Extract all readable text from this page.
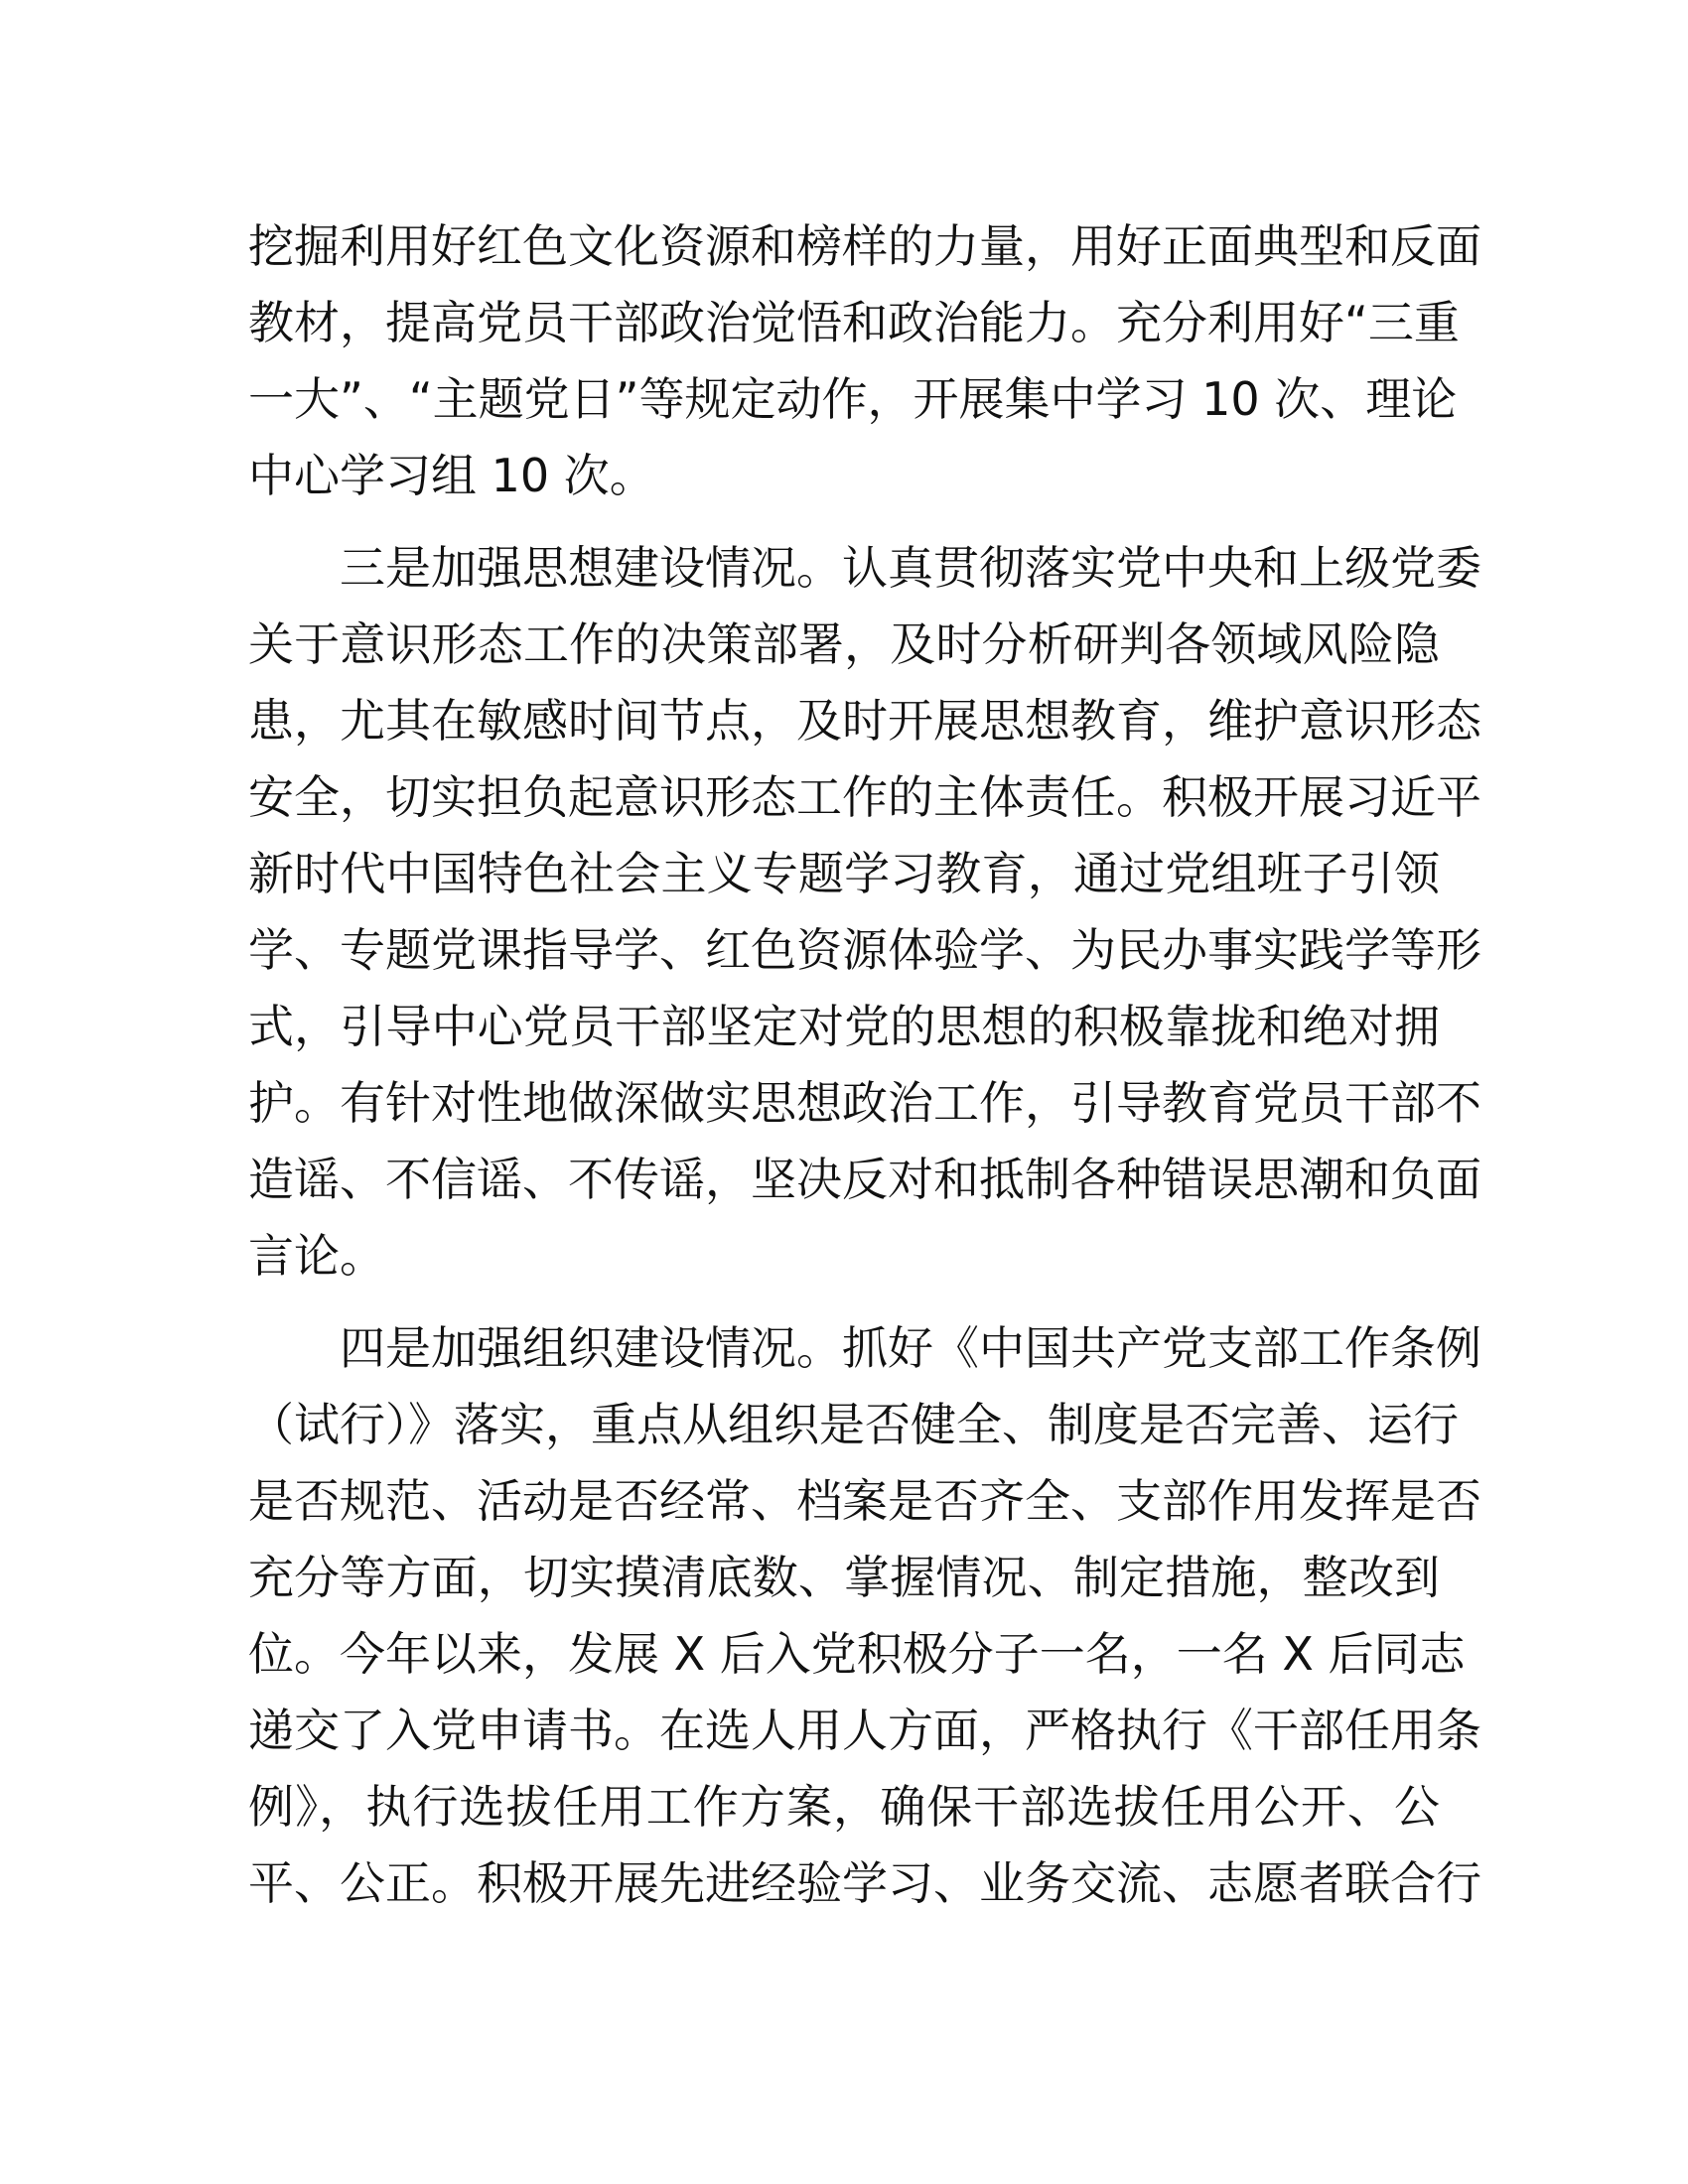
挖掘利用好红色文化资源和榜样的力量，用好正面典型和反面
教材，提高党员干部政治觉悟和政治能力。充分利用好“三重
一大”、“主题党日”等规定动作，开展集中学习 10 次、理论
中心学习组 10 次。
三是加强思想建设情况。认真贯彻落实党中央和上级党委
关于意识形态工作的决策部署，及时分析研判各领域风险隐
患，尤其在敏感时间节点，及时开展思想教育，维护意识形态
安全，切实担负起意识形态工作的主体责任。积极开展习近平
新时代中国特色社会主义专题学习教育，通过党组班子引领
学、专题党课指导学、红色资源体验学、为民办事实践学等形
式，引导中心党员干部坚定对党的思想的积极靠拢和绝对拥
护。有针对性地做深做实思想政治工作，引导教育党员干部不
造谣、不信谣、不传谣，坚决反对和抵制各种错误思潮和负面
言论。
四是加强组织建设情况。抓好《中国共产党支部工作条例
（试行）》落实，重点从组织是否健全、制度是否完善、运行
是否规范、活动是否经常、档案是否齐全、支部作用发挥是否
充分等方面，切实摸清底数、掌握情况、制定措施，整改到
位。今年以来，发展 X 后入党积极分子一名，一名 X 后同志
递交了入党申请书。在选人用人方面，严格执行《干部任用条
例》，执行选拔任用工作方案，确保干部选拔任用公开、公
平、公正。积极开展先进经验学习、业务交流、志愿者联合行
